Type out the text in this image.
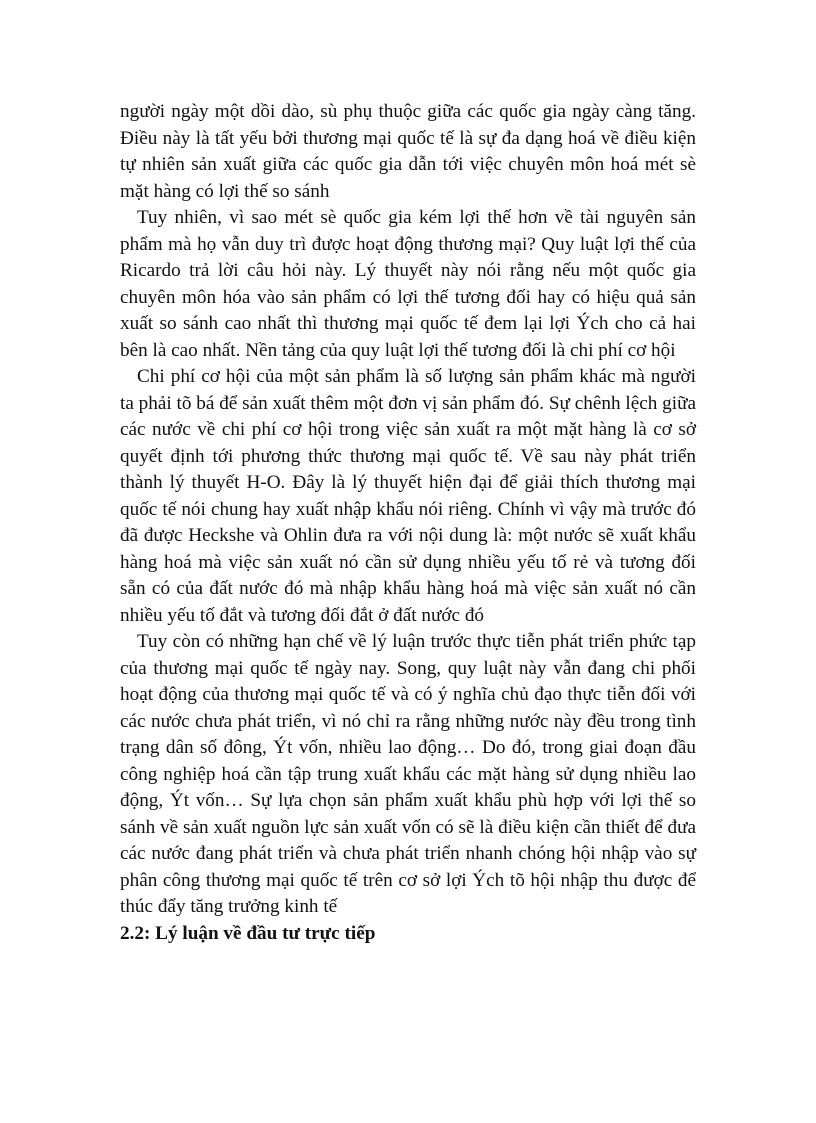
người ngày một dồi dào, sù phụ thuộc giữa các quốc gia ngày càng tăng. Điều này là tất yếu bởi thương mại quốc tế là sự đa dạng hoá về điều kiện tự nhiên sản xuất giữa các quốc gia dẫn tới việc chuyên môn hoá mét sè mặt hàng có lợi thế so sánh

Tuy nhiên, vì sao mét sè quốc gia kém lợi thế hơn về tài nguyên sản phẩm mà họ vẫn duy trì được hoạt động thương mại? Quy luật lợi thế của Ricardo trả lời câu hỏi này. Lý thuyết này nói rằng nếu một quốc gia chuyên môn hóa vào sản phẩm có lợi thế tương đối hay có hiệu quả sản xuất so sánh cao nhất thì thương mại quốc tế đem lại lợi Ých cho cả hai bên là cao nhất. Nền tảng của quy luật lợi thế tương đối là chi phí cơ hội

Chi phí cơ hội của một sản phẩm là số lượng sản phẩm khác mà người ta phải tõ bá để sản xuất thêm một đơn vị sản phẩm đó. Sự chênh lệch giữa các nước về chi phí cơ hội trong việc sản xuất ra một mặt hàng là cơ sở quyết định tới phương thức thương mại quốc tế. Về sau này phát triển thành lý thuyết H-O. Đây là lý thuyết hiện đại để giải thích thương mại quốc tế nói chung hay xuất nhập khẩu nói riêng. Chính vì vậy mà trước đó đã được Heckshe và Ohlin đưa ra với nội dung là: một nước sẽ xuất khẩu hàng hoá mà việc sản xuất nó cần sử dụng nhiều yếu tố rẻ và tương đối sẵn có của đất nước đó mà nhập khẩu hàng hoá mà việc sản xuất nó cần nhiều yếu tố đắt và tương đối đắt ở đất nước đó

Tuy còn có những hạn chế về lý luận trước thực tiễn phát triển phức tạp của thương mại quốc tế ngày nay. Song, quy luật này vẫn đang chi phối hoạt động của thương mại quốc tế và có ý nghĩa chủ đạo thực tiễn đối với các nước chưa phát triển, vì nó chỉ ra rằng những nước này đều trong tình trạng dân số đông, Ýt vốn, nhiều lao động… Do đó, trong giai đoạn đầu công nghiệp hoá cần tập trung xuất khẩu các mặt hàng sử dụng nhiều lao động, Ýt vốn… Sự lựa chọn sản phẩm xuất khẩu phù hợp với lợi thế so sánh về sản xuất nguồn lực sản xuất vốn có sẽ là điều kiện cần thiết để đưa các nước đang phát triển và chưa phát triển nhanh chóng hội nhập vào sự phân công thương mại quốc tế trên cơ sở lợi Ých tõ hội nhập thu được để thúc đẩy tăng trưởng kinh tế

2.2: Lý luận về đầu tư trực tiếp
